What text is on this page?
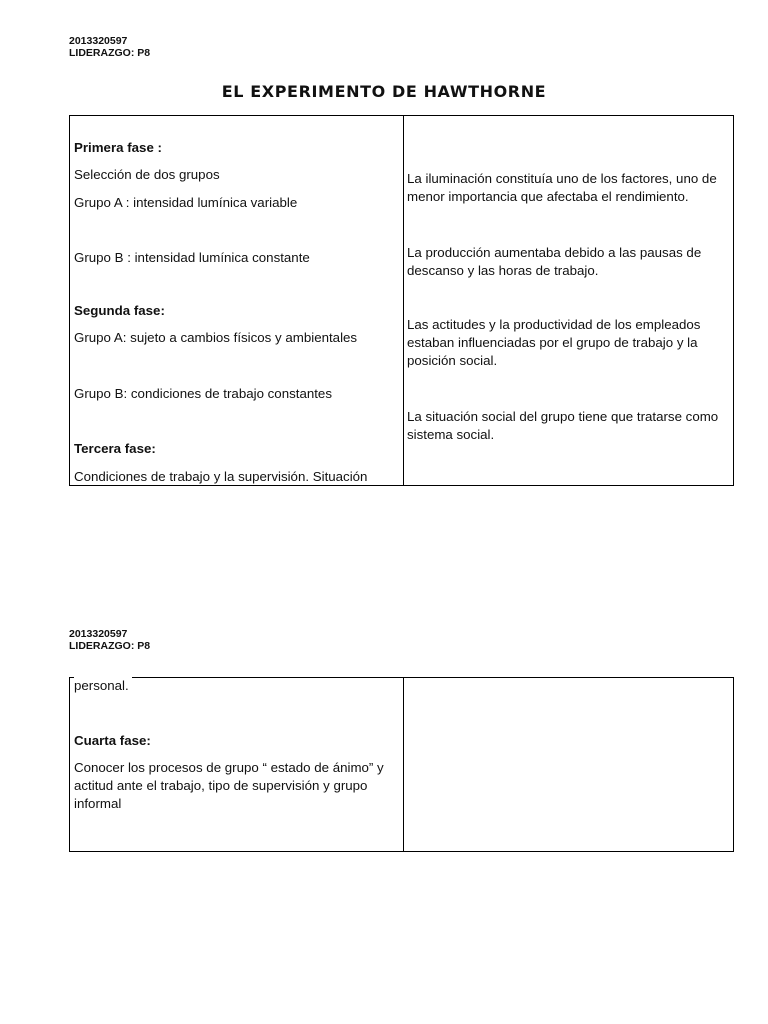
2013320597
LIDERAZGO: P8
EL EXPERIMENTO DE HAWTHORNE
Primera fase :
Selección de dos grupos
Grupo A : intensidad lumínica variable
Grupo B : intensidad lumínica constante
Segunda fase:
Grupo A: sujeto a cambios físicos y ambientales
Grupo B: condiciones de trabajo constantes
Tercera fase:
Condiciones de trabajo y la supervisión. Situación
La iluminación constituía uno de los factores, uno de menor importancia que afectaba el rendimiento.
La producción aumentaba debido a las pausas de descanso y las horas de trabajo.
Las actitudes y la productividad de los empleados estaban influenciadas por el grupo de trabajo y la posición social.
La situación social del grupo tiene que tratarse como sistema social.
2013320597
LIDERAZGO: P8
personal.
Cuarta fase:
Conocer los procesos de grupo “ estado de ánimo” y actitud ante el trabajo, tipo de supervisión y grupo informal
